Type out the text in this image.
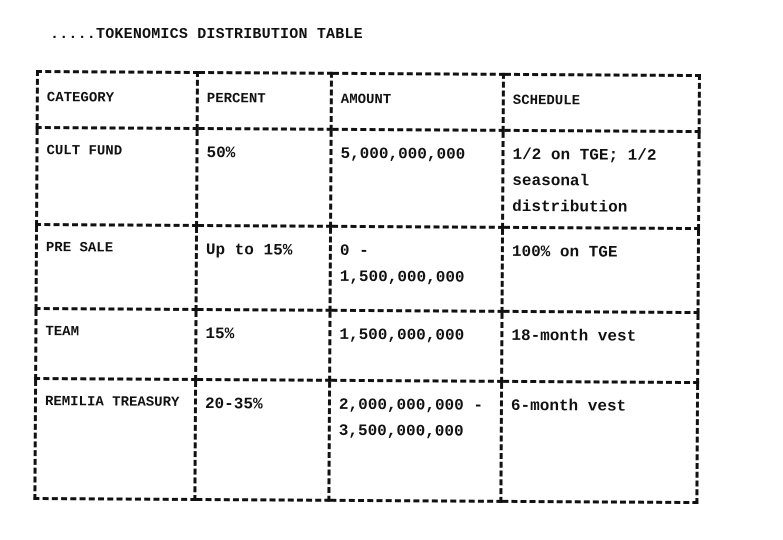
.....TOKENOMICS DISTRIBUTION TABLE
CATEGORY	PERCENT	AMOUNT	SCHEDULE
CULT FUND	50%	5,000,000,000	1/2 on TGE; 1/2 seasonal distribution
PRE SALE	Up to 15%	0 - 1,500,000,000	100% on TGE
TEAM	15%	1,500,000,000	18-month vest
REMILIA TREASURY	20-35%	2,000,000,000 - 3,500,000,000	6-month vest
